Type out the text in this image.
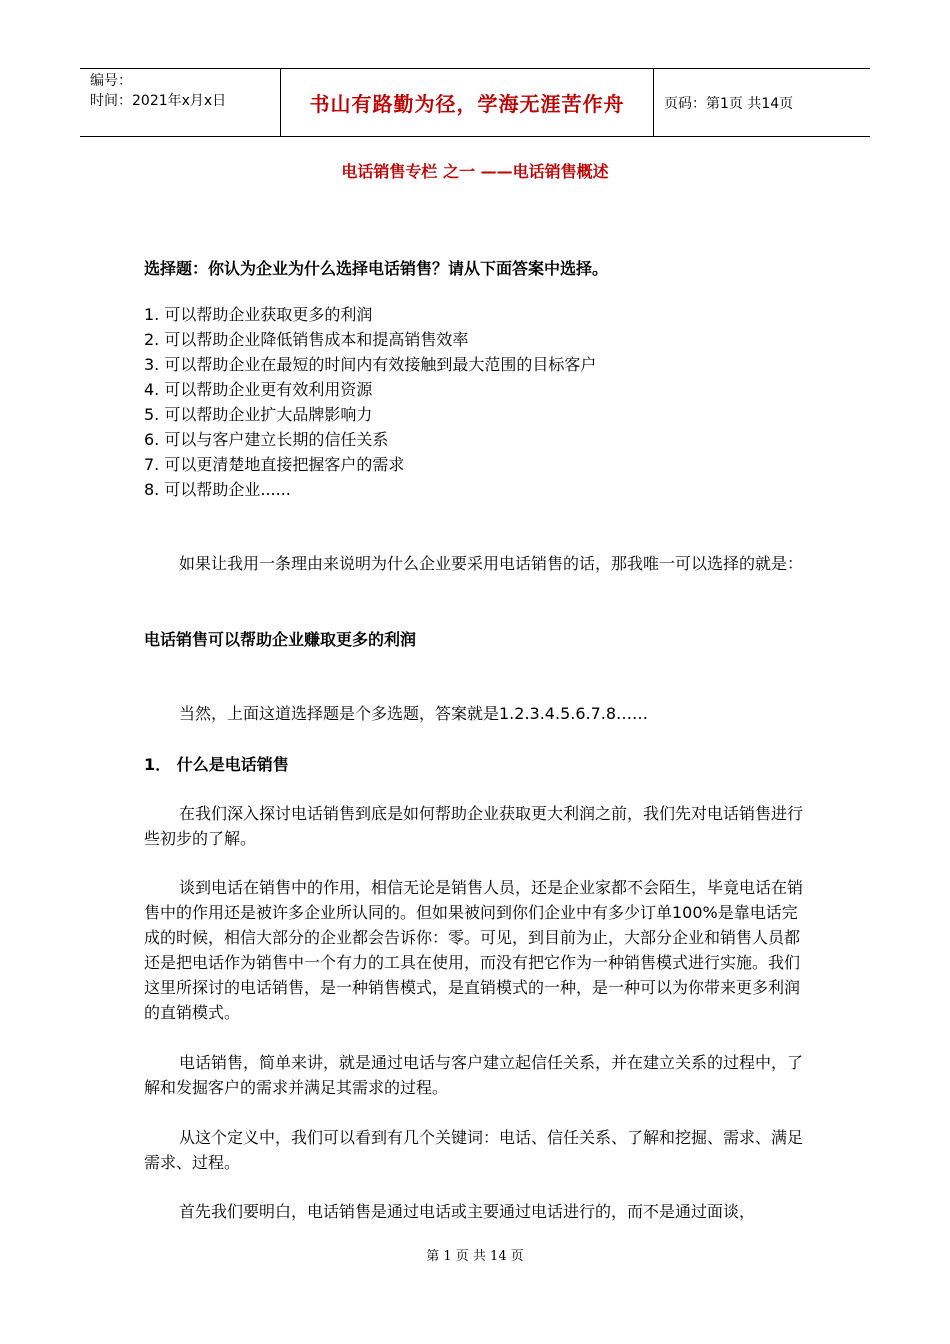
编号：
时间：2021年x月x日	书山有路勤为径，学海无涯苦作舟	页码：第1页 共14页
电话销售专栏 之一 ——电话销售概述
选择题：你认为企业为什么选择电话销售？请从下面答案中选择。
1. 可以帮助企业获取更多的利润
2. 可以帮助企业降低销售成本和提高销售效率
3. 可以帮助企业在最短的时间内有效接触到最大范围的目标客户
4. 可以帮助企业更有效利用资源
5. 可以帮助企业扩大品牌影响力
6. 可以与客户建立长期的信任关系
7. 可以更清楚地直接把握客户的需求
8. 可以帮助企业......

如果让我用一条理由来说明为什么企业要采用电话销售的话，那我唯一可以选择的就是：

电话销售可以帮助企业赚取更多的利润

当然，上面这道选择题是个多选题，答案就是1.2.3.4.5.6.7.8……

1． 什么是电话销售

在我们深入探讨电话销售到底是如何帮助企业获取更大利润之前，我们先对电话销售进行些初步的了解。

谈到电话在销售中的作用，相信无论是销售人员，还是企业家都不会陌生，毕竟电话在销售中的作用还是被许多企业所认同的。但如果被问到你们企业中有多少订单100%是靠电话完成的时候，相信大部分的企业都会告诉你：零。可见，到目前为止，大部分企业和销售人员都还是把电话作为销售中一个有力的工具在使用，而没有把它作为一种销售模式进行实施。我们这里所探讨的电话销售，是一种销售模式，是直销模式的一种，是一种可以为你带来更多利润的直销模式。

电话销售，简单来讲，就是通过电话与客户建立起信任关系，并在建立关系的过程中，了解和发掘客户的需求并满足其需求的过程。

从这个定义中，我们可以看到有几个关键词：电话、信任关系、了解和挖掘、需求、满足需求、过程。

首先我们要明白，电话销售是通过电话或主要通过电话进行的，而不是通过面谈，

第 1 页 共 14 页
